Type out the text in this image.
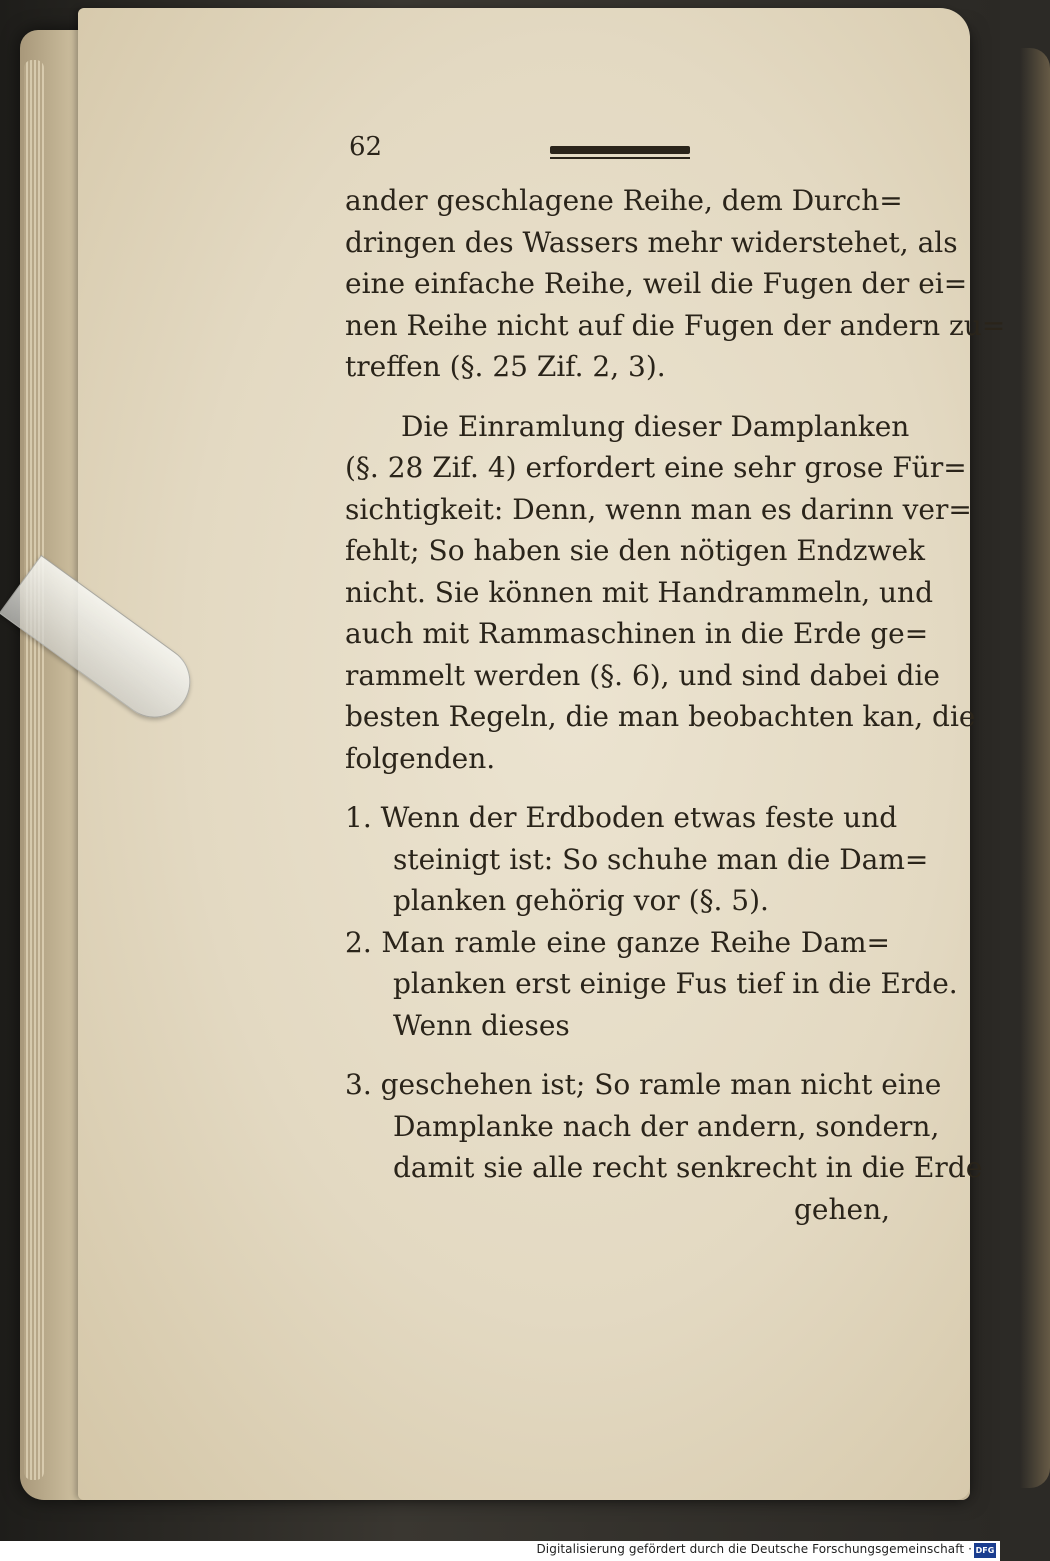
62
ander geschlagene Reihe, dem Durch=
dringen des Wassers mehr widerstehet, als
eine einfache Reihe, weil die Fugen der ei=
nen Reihe nicht auf die Fugen der andern zu=
treffen (§. 25 Zif. 2, 3).
Die Einramlung dieser Damplanken
(§. 28 Zif. 4) erfordert eine sehr grose Für=
sichtigkeit: Denn, wenn man es darinn ver=
fehlt; So haben sie den nötigen Endzwek
nicht. Sie können mit Handrammeln, und
auch mit Rammaschinen in die Erde ge=
rammelt werden (§. 6), und sind dabei die
besten Regeln, die man beobachten kan, die
folgenden.
1. Wenn der Erdboden etwas feste und
steinigt ist: So schuhe man die Dam=
planken gehörig vor (§. 5).
2. Man ramle eine ganze Reihe Dam=
planken erst einige Fus tief in die Erde.
Wenn dieses
3. geschehen ist; So ramle man nicht eine
Damplanke nach der andern, sondern,
damit sie alle recht senkrecht in die Erde
gehen,
Digitalisierung gefördert durch die Deutsche Forschungsgemeinschaft · DFG
